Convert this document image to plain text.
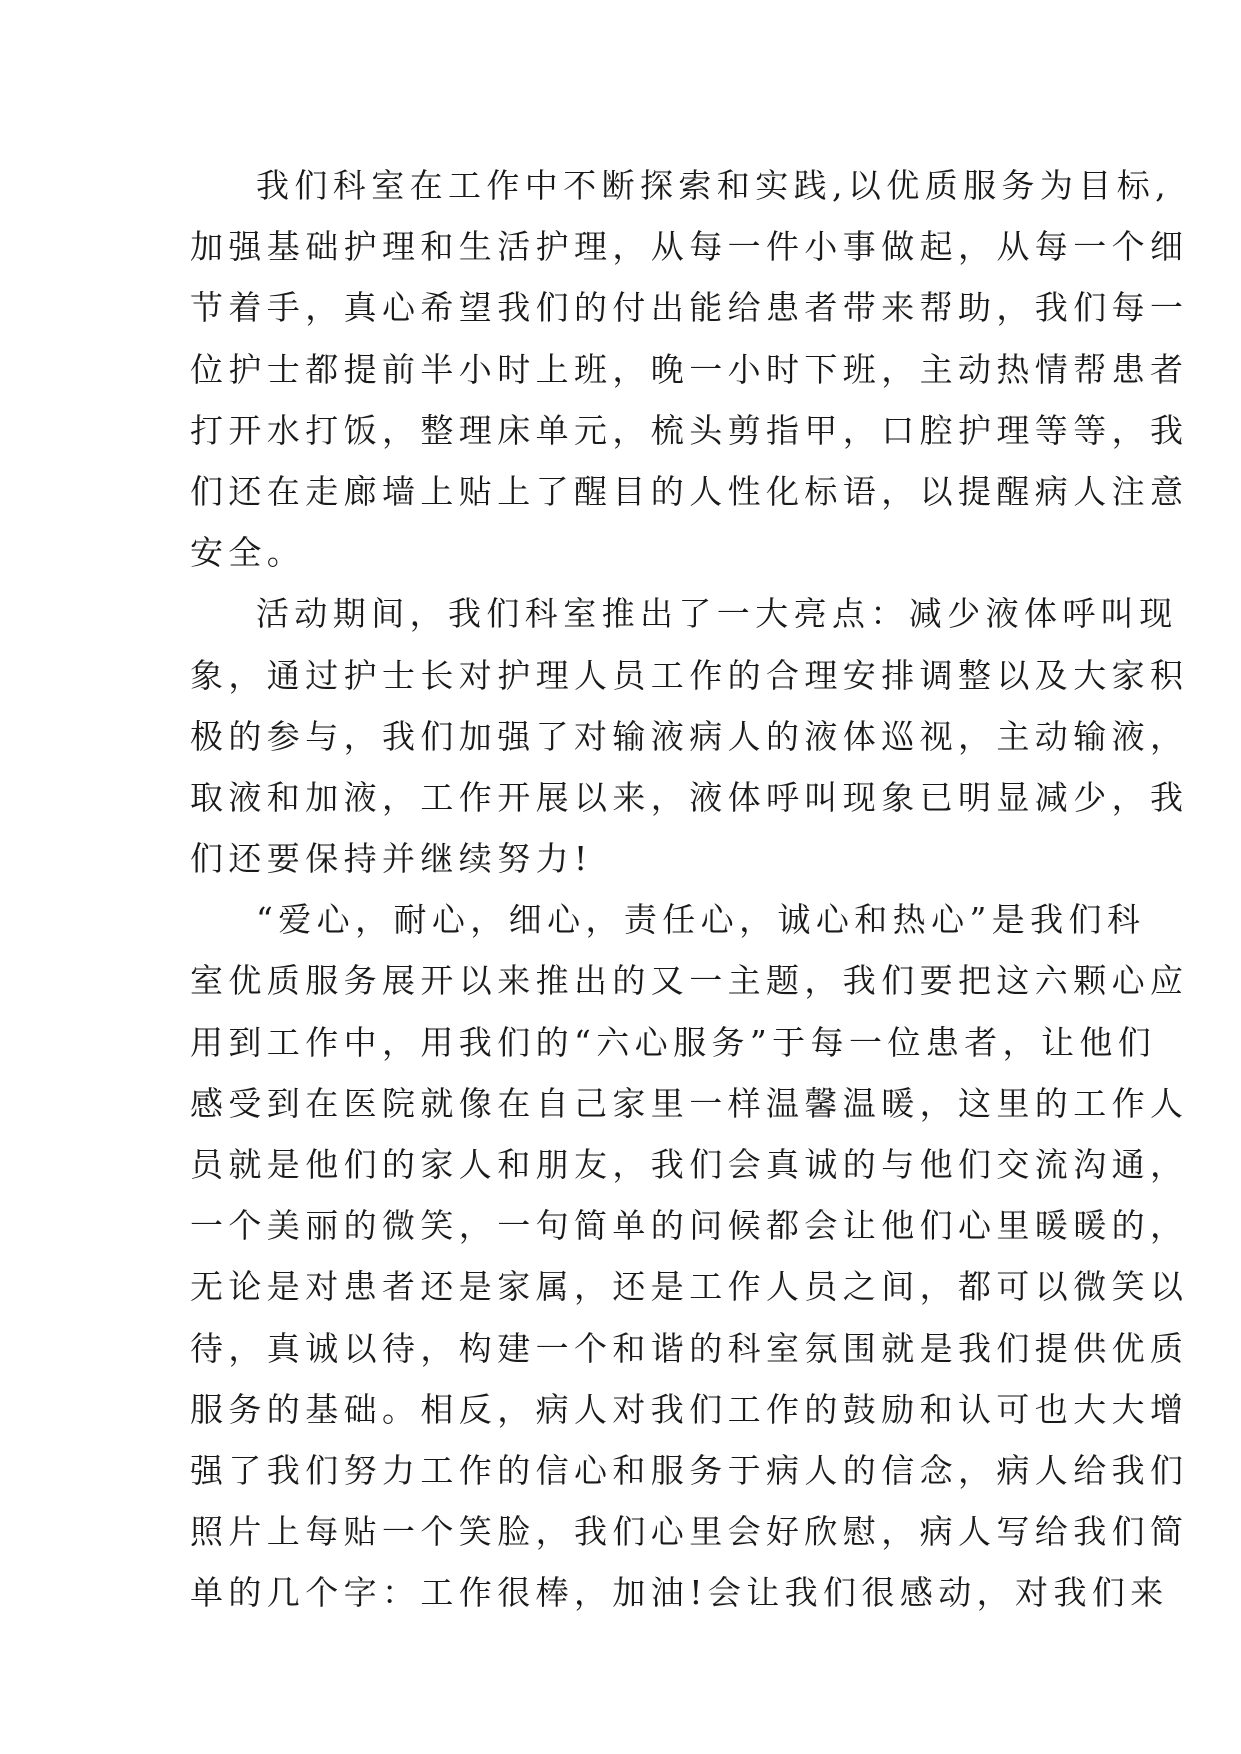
我们科室在工作中不断探索和实践,以优质服务为目标,
加强基础护理和生活护理，从每一件小事做起，从每一个细
节着手，真心希望我们的付出能给患者带来帮助，我们每一
位护士都提前半小时上班，晚一小时下班，主动热情帮患者
打开水打饭，整理床单元，梳头剪指甲，口腔护理等等，我
们还在走廊墙上贴上了醒目的人性化标语，以提醒病人注意
安全。
活动期间，我们科室推出了一大亮点：减少液体呼叫现
象，通过护士长对护理人员工作的合理安排调整以及大家积
极的参与，我们加强了对输液病人的液体巡视，主动输液，
取液和加液，工作开展以来，液体呼叫现象已明显减少，我
们还要保持并继续努力!
“爱心，耐心，细心，责任心，诚心和热心”是我们科
室优质服务展开以来推出的又一主题，我们要把这六颗心应
用到工作中，用我们的“六心服务”于每一位患者，让他们
感受到在医院就像在自己家里一样温馨温暖，这里的工作人
员就是他们的家人和朋友，我们会真诚的与他们交流沟通，
一个美丽的微笑，一句简单的问候都会让他们心里暖暖的，
无论是对患者还是家属，还是工作人员之间，都可以微笑以
待，真诚以待，构建一个和谐的科室氛围就是我们提供优质
服务的基础。相反，病人对我们工作的鼓励和认可也大大增
强了我们努力工作的信心和服务于病人的信念，病人给我们
照片上每贴一个笑脸，我们心里会好欣慰，病人写给我们简
单的几个字：工作很棒，加油!会让我们很感动，对我们来
